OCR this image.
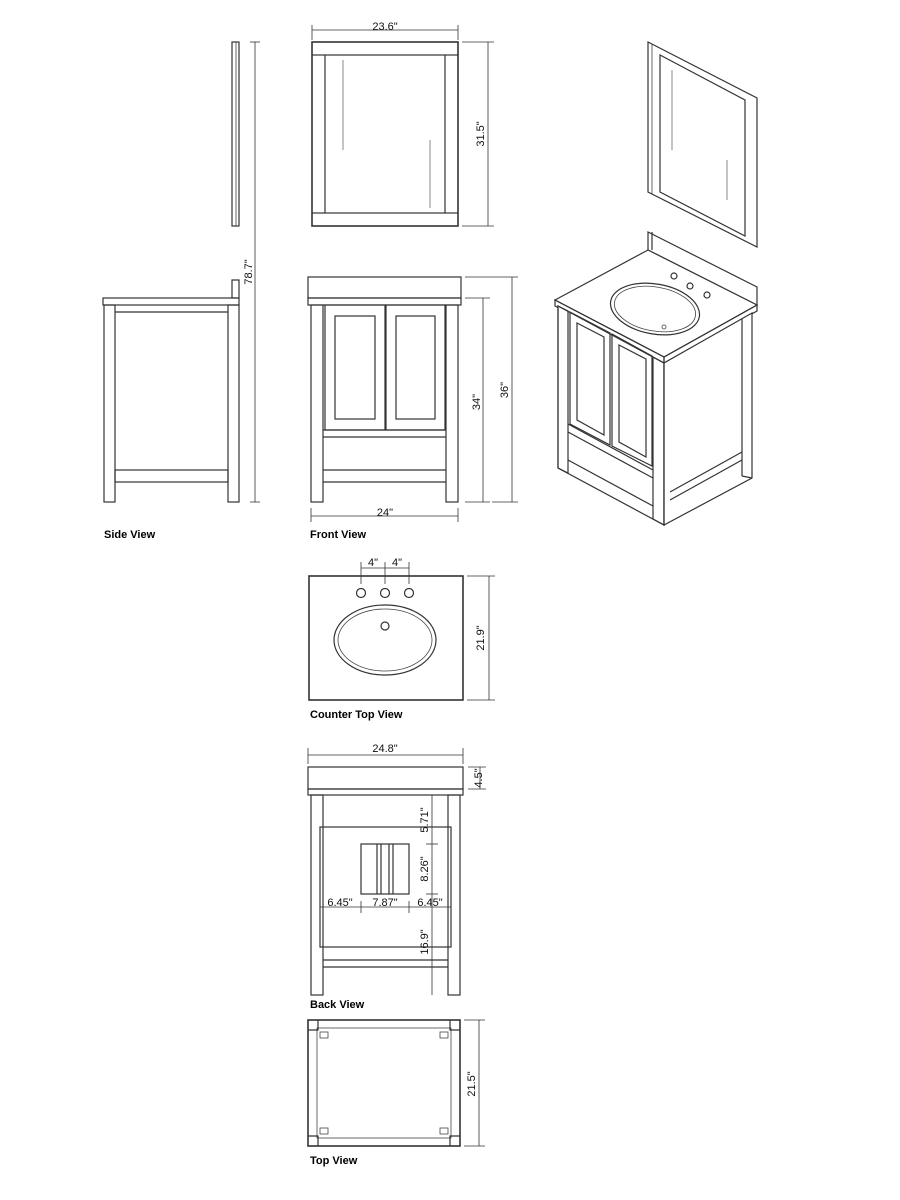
78.7"
Side View
23.6"
31.5"
24"
34"
36"
Front View
4" 4"
21.9"
Counter Top View
24.8"
4.5"
5.71"
8.26"
16.9"
6.45" 7.87" 6.45"
Back View
21.5"
Top View
